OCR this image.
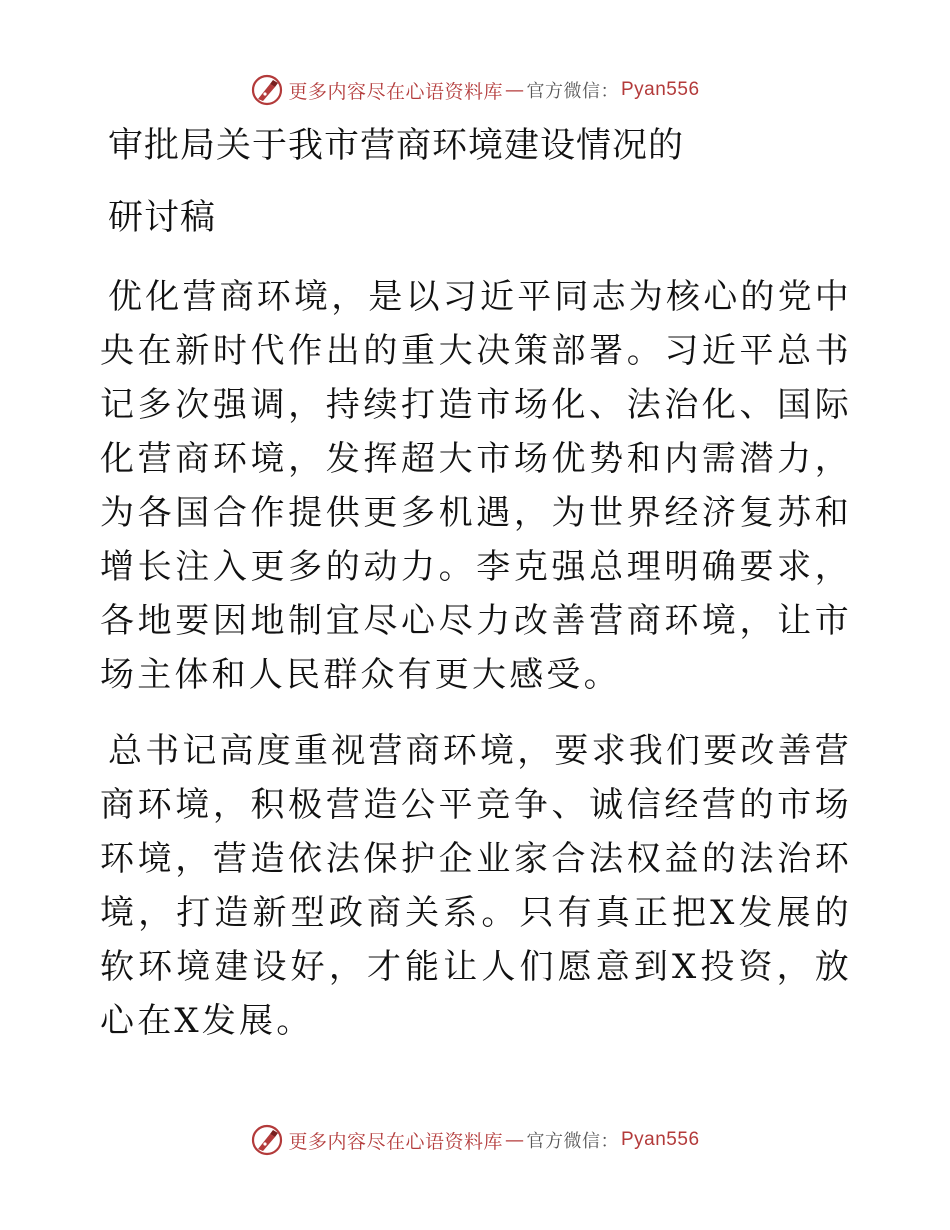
更多内容尽在心语资料库 — 官方微信： Pyan556
审批局关于我市营商环境建设情况的
研讨稿

优化营商环境，是以习近平同志为核心的党中央在新时代作出的重大决策部署。习近平总书记多次强调，持续打造市场化、法治化、国际化营商环境，发挥超大市场优势和内需潜力，为各国合作提供更多机遇，为世界经济复苏和增长注入更多的动力。李克强总理明确要求，各地要因地制宜尽心尽力改善营商环境，让市场主体和人民群众有更大感受。

总书记高度重视营商环境，要求我们要改善营商环境，积极营造公平竞争、诚信经营的市场环境，营造依法保护企业家合法权益的法治环境，打造新型政商关系。只有真正把X发展的软环境建设好，才能让人们愿意到X投资，放心在X发展。

更多内容尽在心语资料库 — 官方微信： Pyan556
